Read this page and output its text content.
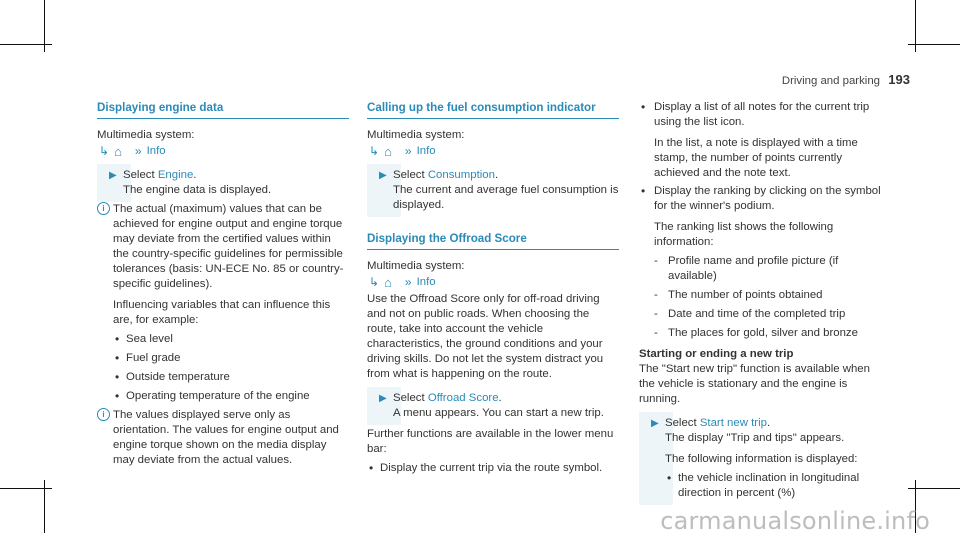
Driving and parking 193
Displaying engine data

Multimedia system:

↳ ⌂ » Info
▶ Select Engine.

The engine data is displayed.

i The actual (maximum) values that can be achieved for engine output and engine torque may deviate from the certified values within the country-specific guidelines for permissible tolerances (basis: UN-ECE No. 85 or country-specific guidelines).

Influencing variables that can influence this are, for example:

• Sea level
• Fuel grade
• Outside temperature
• Operating temperature of the engine
i The values displayed serve only as orientation. The values for engine output and engine torque shown on the media display may deviate from the actual values.

Calling up the fuel consumption indicator

Multimedia system:

↳ ⌂ » Info
▶ Select Consumption.

The current and average fuel consumption is displayed.

Displaying the Offroad Score

Multimedia system:

↳ ⌂ » Info

Use the Offroad Score only for off-road driving and not on public roads. When choosing the route, take into account the vehicle characteristics, the ground conditions and your driving skills. Do not let the system distract you from what is happening on the route.

▶ Select Offroad Score.

A menu appears. You can start a new trip.

Further functions are available in the lower menu bar:

• Display the current trip via the route symbol.

• Display a list of all notes for the current trip using the list icon.

In the list, a note is displayed with a time stamp, the number of points currently achieved and the note text.

• Display the ranking by clicking on the symbol for the winner's podium.

The ranking list shows the following information:

- Profile name and profile picture (if available)
- The number of points obtained
- Date and time of the completed trip
- The places for gold, silver and bronze

Starting or ending a new trip

The "Start new trip" function is available when the vehicle is stationary and the engine is running.

▶ Select Start new trip.

The display "Trip and tips" appears.

The following information is displayed:

• the vehicle inclination in longitudinal direction in percent (%)
carmanualsonline.info
